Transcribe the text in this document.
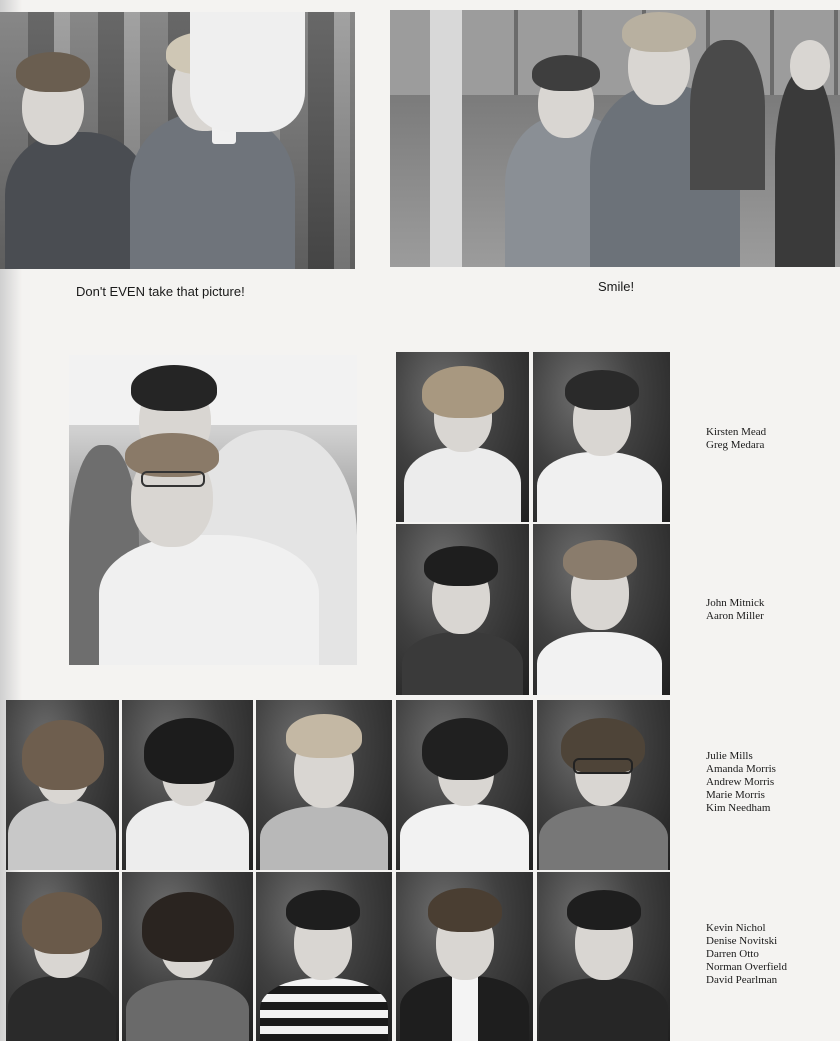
Don't EVEN take that picture!	Smile!
Kirsten Mead
Greg Medara
John Mitnick
Aaron Miller
Julie Mills
Amanda Morris
Andrew Morris
Marie Morris
Kim Needham
Kevin Nichol
Denise Novitski
Darren Otto
Norman Overfield
David Pearlman
